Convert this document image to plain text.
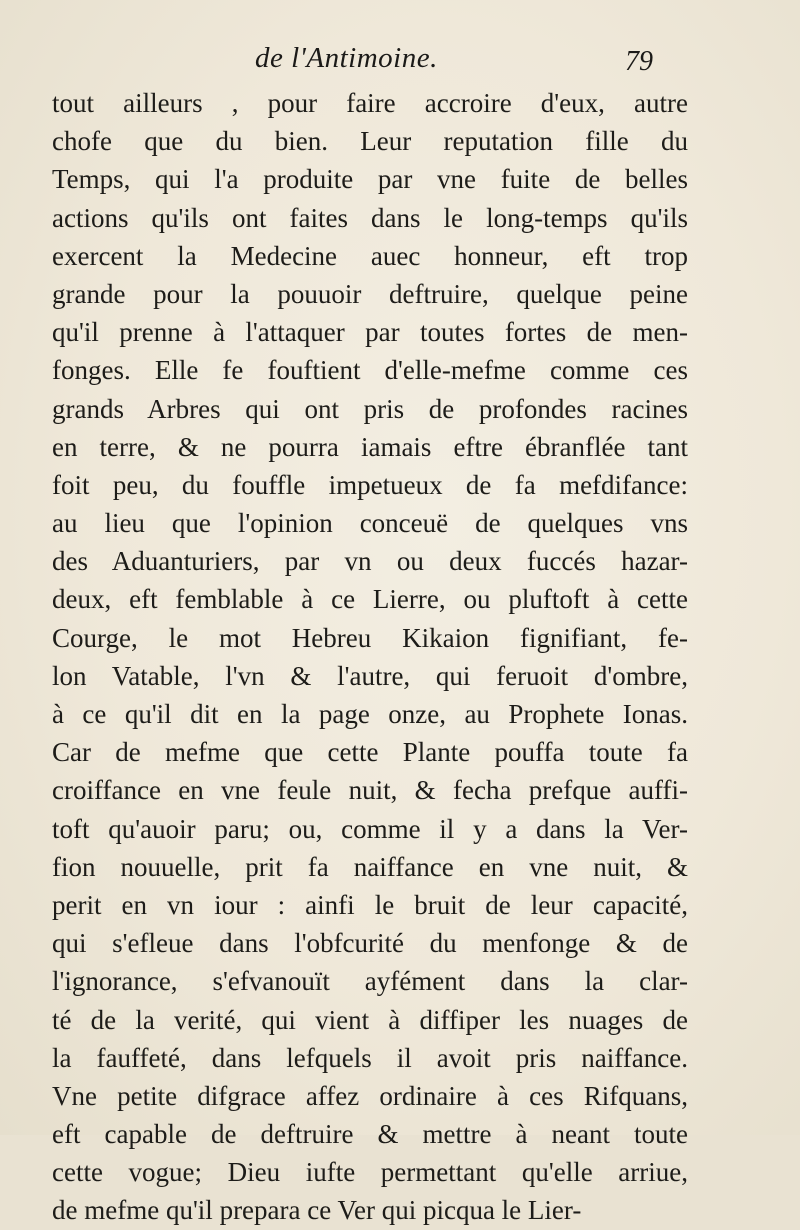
de l'Antimoine.	79
tout ailleurs , pour faire accroire d'eux, autre
chofe que du bien. Leur reputation fille du
Temps, qui l'a produite par vne fuite de belles
actions qu'ils ont faites dans le long-temps qu'ils
exercent la Medecine auec honneur, eft trop
grande pour la pouuoir deftruire, quelque peine
qu'il prenne à l'attaquer par toutes fortes de men-
fonges. Elle fe fouftient d'elle-mefme comme ces
grands Arbres qui ont pris de profondes racines
en terre, & ne pourra iamais eftre ébranflée tant
foit peu, du fouffle impetueux de fa mefdifance:
au lieu que l'opinion conceuë de quelques vns
des Aduanturiers, par vn ou deux fuccés hazar-
deux, eft femblable à ce Lierre, ou pluftoft à cette
Courge, le mot Hebreu Kikaion fignifiant, fe-
lon Vatable, l'vn & l'autre, qui feruoit d'ombre,
à ce qu'il dit en la page onze, au Prophete Ionas.
Car de mefme que cette Plante pouffa toute fa
croiffance en vne feule nuit, & fecha prefque auffi-
toft qu'auoir paru; ou, comme il y a dans la Ver-
fion nouuelle, prit fa naiffance en vne nuit, &
perit en vn iour : ainfi le bruit de leur capacité,
qui s'efleue dans l'obfcurité du menfonge & de
l'ignorance, s'efvanouït ayfément dans la clar-
té de la verité, qui vient à diffiper les nuages de
la fauffeté, dans lefquels il avoit pris naiffance.
Vne petite difgrace affez ordinaire à ces Rifquans,
eft capable de deftruire & mettre à neant toute
cette vogue; Dieu iufte permettant qu'elle arriue,
de mefme qu'il prepara ce Ver qui picqua le Lier-
